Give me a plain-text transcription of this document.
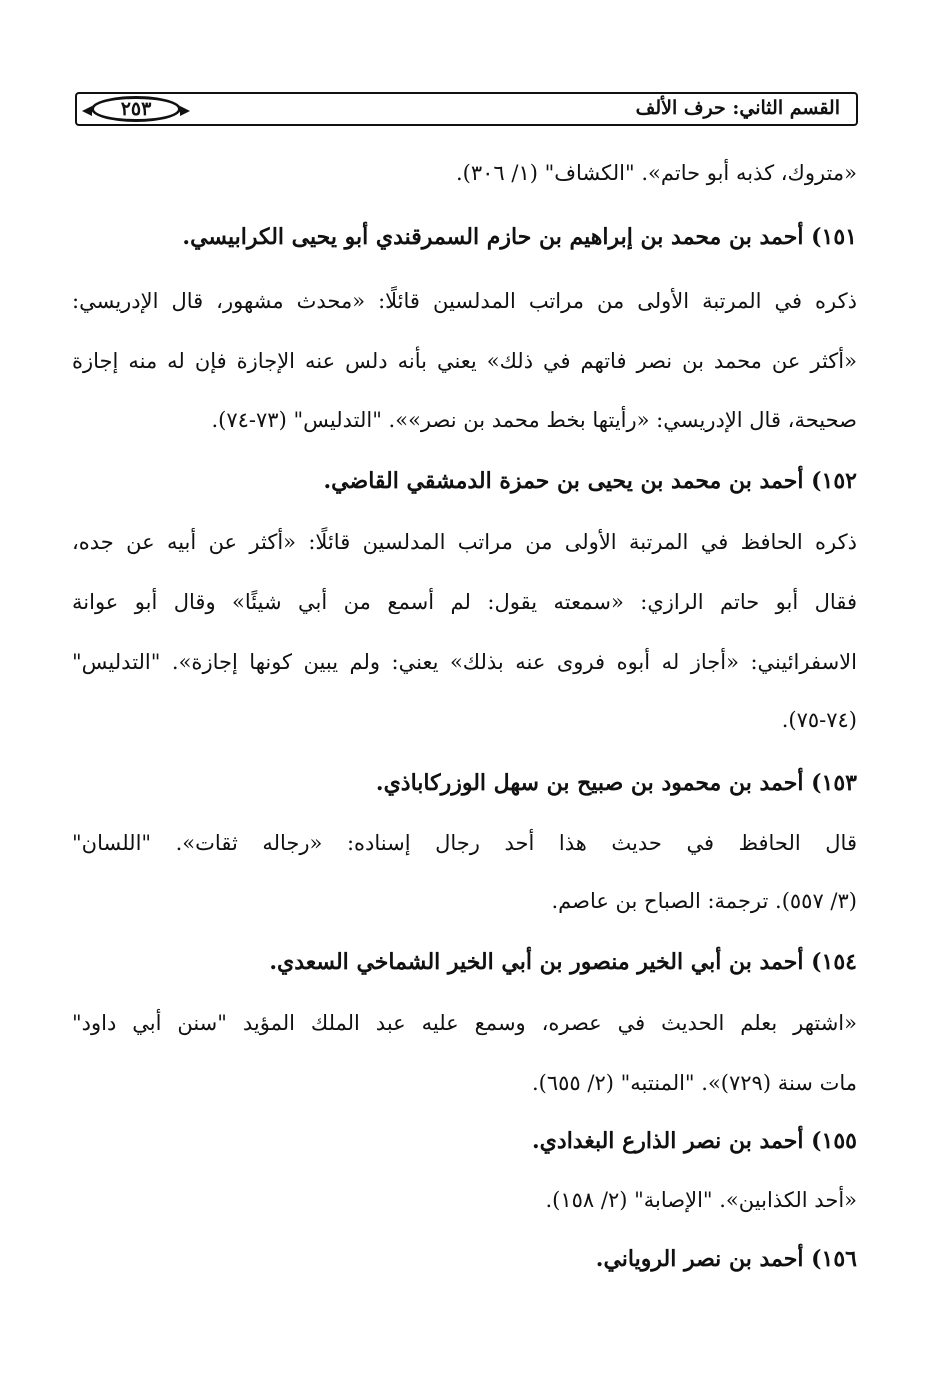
القسم الثاني: حرف الألف
٢٥٣
«متروك، كذبه أبو حاتم». "الكشاف" (١/ ٣٠٦).
١٥١) أحمد بن محمد بن إبراهيم بن حازم السمرقندي أبو يحيى الكرابيسي.
ذكره في المرتبة الأولى من مراتب المدلسين قائلًا: «محدث مشهور، قال الإدريسي:
«أكثر عن محمد بن نصر فاتهم في ذلك» يعني بأنه دلس عنه الإجازة فإن له منه إجازة
صحيحة، قال الإدريسي: «رأيتها بخط محمد بن نصر»». "التدليس" (٧٣-٧٤).
١٥٢) أحمد بن محمد بن يحيى بن حمزة الدمشقي القاضي.
ذكره الحافظ في المرتبة الأولى من مراتب المدلسين قائلًا: «أكثر عن أبيه عن جده،
فقال أبو حاتم الرازي: «سمعته يقول: لم أسمع من أبي شيئًا» وقال أبو عوانة
الاسفرائيني: «أجاز له أبوه فروى عنه بذلك» يعني: ولم يبين كونها إجازة». "التدليس"
(٧٤-٧٥).
١٥٣) أحمد بن محمود بن صبيح بن سهل الوزركاباذي.
قال الحافظ في حديث هذا أحد رجال إسناده: «رجاله ثقات». "اللسان"
(٣/ ٥٥٧). ترجمة: الصباح بن عاصم.
١٥٤) أحمد بن أبي الخير منصور بن أبي الخير الشماخي السعدي.
«اشتهر بعلم الحديث في عصره، وسمع عليه عبد الملك المؤيد "سنن أبي داود"
مات سنة (٧٢٩)». "المنتبه" (٢/ ٦٥٥).
١٥٥) أحمد بن نصر الذارع البغدادي.
«أحد الكذابين». "الإصابة" (٢/ ١٥٨).
١٥٦) أحمد بن نصر الروياني.
